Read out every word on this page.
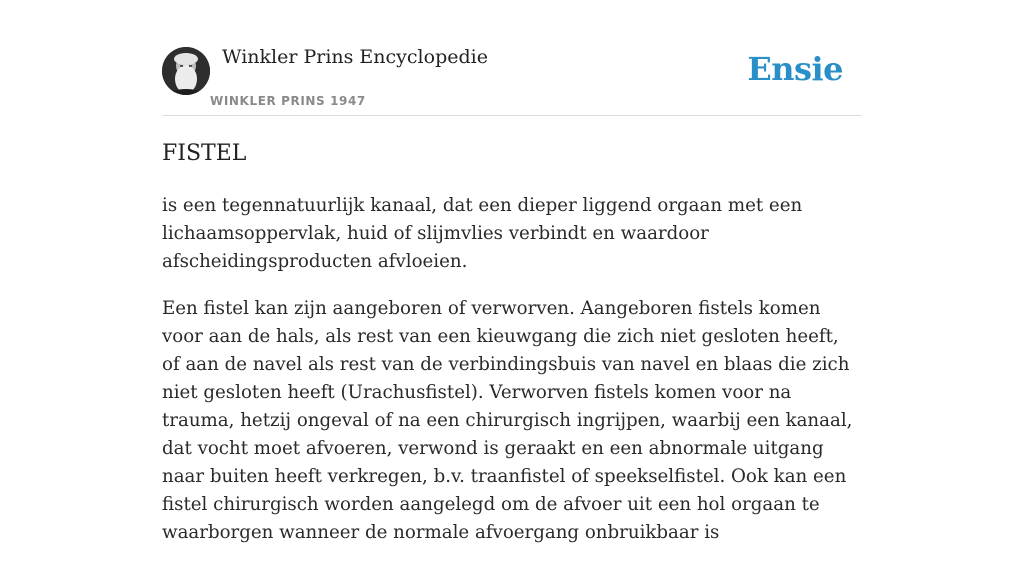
Winkler Prins Encyclopedie
WINKLER PRINS 1947
Ensie
FISTEL

is een tegennatuurlijk kanaal, dat een dieper liggend orgaan met een lichaamsoppervlak, huid of slijmvlies verbindt en waardoor afscheidingsproducten afvloeien.

Een fistel kan zijn aangeboren of verworven. Aangeboren fistels komen voor aan de hals, als rest van een kieuwgang die zich niet gesloten heeft, of aan de navel als rest van de verbindingsbuis van navel en blaas die zich niet gesloten heeft (Urachusfistel). Verworven fistels komen voor na trauma, hetzij ongeval of na een chirurgisch ingrijpen, waarbij een kanaal, dat vocht moet afvoeren, verwond is geraakt en een abnormale uitgang naar buiten heeft verkregen, b.v. traanfistel of speekselfistel. Ook kan een fistel chirurgisch worden aangelegd om de afvoer uit een hol orgaan te waarborgen wanneer de normale afvoergang onbruikbaar is
